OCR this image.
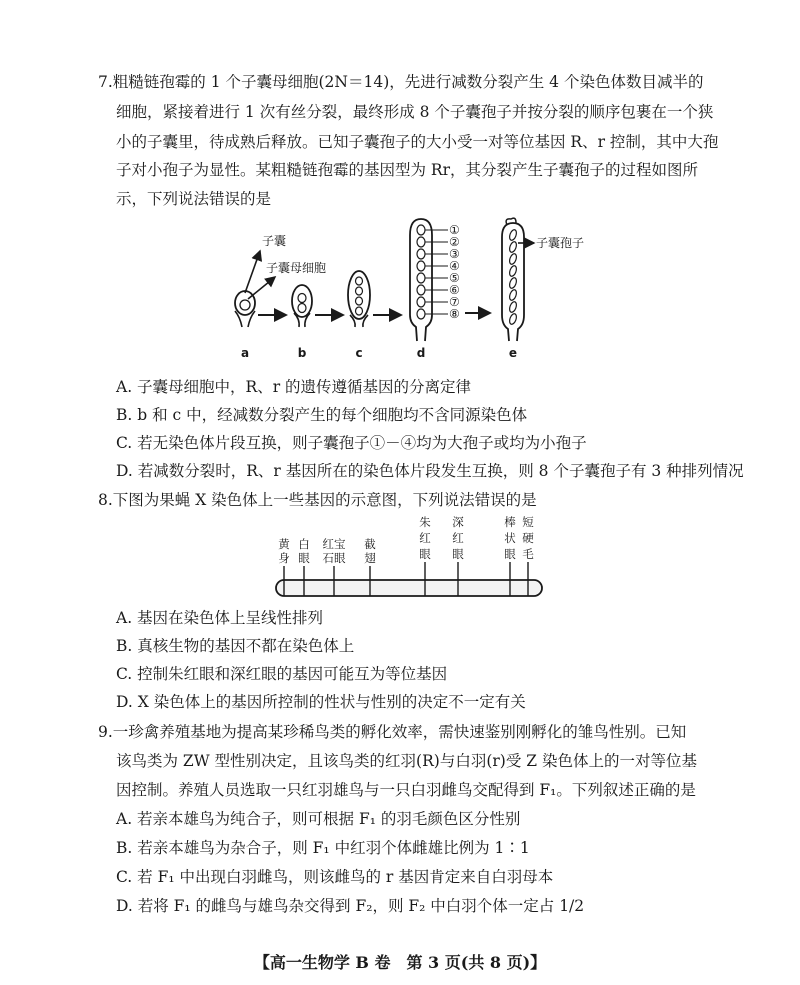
7.粗糙链孢霉的 1 个子囊母细胞(2N＝14)，先进行减数分裂产生 4 个染色体数目减半的
细胞，紧接着进行 1 次有丝分裂，最终形成 8 个子囊孢子并按分裂的顺序包裹在一个狭
小的子囊里，待成熟后释放。已知子囊孢子的大小受一对等位基因 R、r 控制，其中大孢
子对小孢子为显性。某粗糙链孢霉的基因型为 Rr，其分裂产生子囊孢子的过程如图所
示，下列说法错误的是
子囊
子囊母细胞
①
②
③
④
⑤
⑥
⑦
⑧
子囊孢子
a	b	c	d	e
A. 子囊母细胞中，R、r 的遗传遵循基因的分离定律
B. b 和 c 中，经减数分裂产生的每个细胞均不含同源染色体
C. 若无染色体片段互换，则子囊孢子①－④均为大孢子或均为小孢子
D. 若减数分裂时，R、r 基因所在的染色体片段发生互换，则 8 个子囊孢子有 3 种排列情况
8.下图为果蝇 X 染色体上一些基因的示意图，下列说法错误的是
黄
身
白
眼
红宝
石眼
截
翅
朱
红
眼
深
红
眼
棒
状
眼
短
硬
毛
A. 基因在染色体上呈线性排列
B. 真核生物的基因不都在染色体上
C. 控制朱红眼和深红眼的基因可能互为等位基因
D. X 染色体上的基因所控制的性状与性别的决定不一定有关
9.一珍禽养殖基地为提高某珍稀鸟类的孵化效率，需快速鉴别刚孵化的雏鸟性别。已知
该鸟类为 ZW 型性别决定，且该鸟类的红羽(R)与白羽(r)受 Z 染色体上的一对等位基
因控制。养殖人员选取一只红羽雄鸟与一只白羽雌鸟交配得到 F₁。下列叙述正确的是
A. 若亲本雄鸟为纯合子，则可根据 F₁ 的羽毛颜色区分性别
B. 若亲本雄鸟为杂合子，则 F₁ 中红羽个体雌雄比例为 1∶1
C. 若 F₁ 中出现白羽雌鸟，则该雌鸟的 r 基因肯定来自白羽母本
D. 若将 F₁ 的雌鸟与雄鸟杂交得到 F₂，则 F₂ 中白羽个体一定占 1/2
【高一生物学 B 卷　第 3 页(共 8 页)】
